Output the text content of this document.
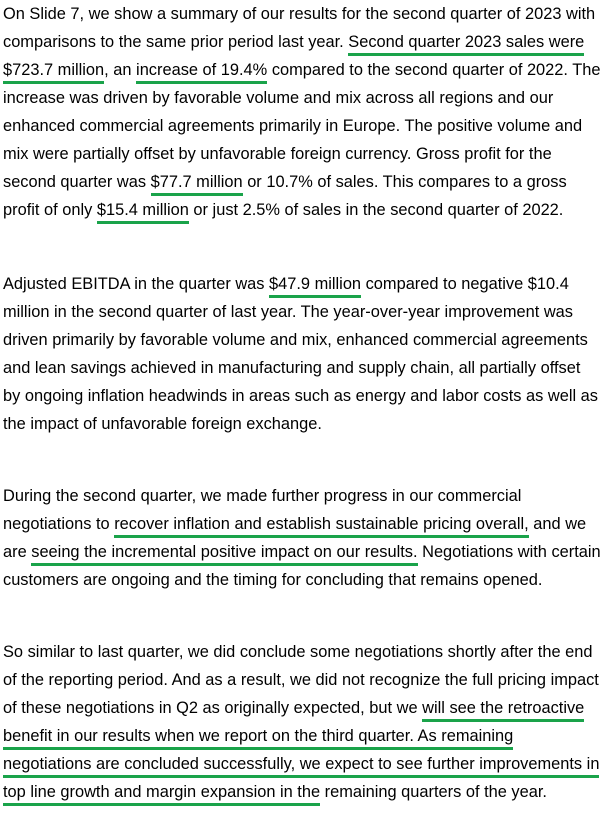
On Slide 7, we show a summary of our results for the second quarter of 2023 with comparisons to the same prior period last year. Second quarter 2023 sales were $723.7 million, an increase of 19.4% compared to the second quarter of 2022. The increase was driven by favorable volume and mix across all regions and our enhanced commercial agreements primarily in Europe. The positive volume and mix were partially offset by unfavorable foreign currency. Gross profit for the second quarter was $77.7 million or 10.7% of sales. This compares to a gross profit of only $15.4 million or just 2.5% of sales in the second quarter of 2022.

Adjusted EBITDA in the quarter was $47.9 million compared to negative $10.4 million in the second quarter of last year. The year-over-year improvement was driven primarily by favorable volume and mix, enhanced commercial agreements and lean savings achieved in manufacturing and supply chain, all partially offset by ongoing inflation headwinds in areas such as energy and labor costs as well as the impact of unfavorable foreign exchange.

During the second quarter, we made further progress in our commercial negotiations to recover inflation and establish sustainable pricing overall, and we are seeing the incremental positive impact on our results. Negotiations with certain customers are ongoing and the timing for concluding that remains opened.

So similar to last quarter, we did conclude some negotiations shortly after the end of the reporting period. And as a result, we did not recognize the full pricing impact of these negotiations in Q2 as originally expected, but we will see the retroactive benefit in our results when we report on the third quarter. As remaining negotiations are concluded successfully, we expect to see further improvements in top line growth and margin expansion in the remaining quarters of the year.
